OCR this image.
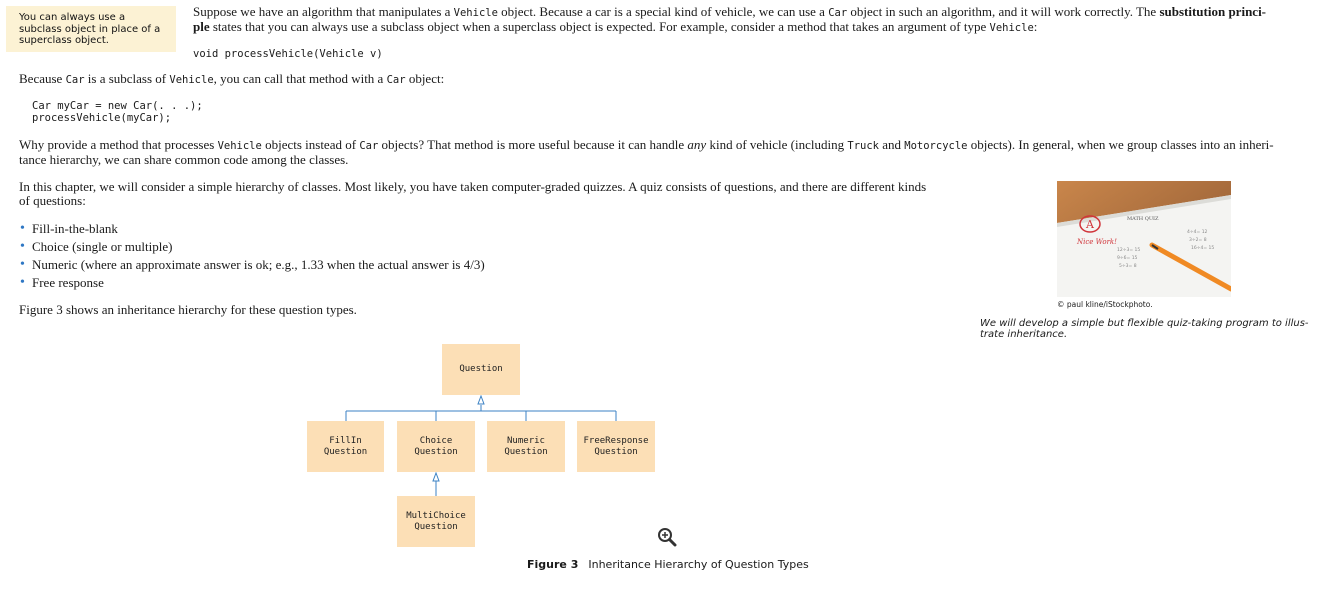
You can always use a subclass object in place of a superclass object.

Suppose we have an algorithm that manipulates a Vehicle object. Because a car is a special kind of vehicle, we can use a Car object in such an algorithm, and it will work correctly. The substitution princi-
ple states that you can always use a subclass object when a superclass object is expected. For example, consider a method that takes an argument of type Vehicle:

void processVehicle(Vehicle v)

Because Car is a subclass of Vehicle, you can call that method with a Car object:

Car myCar = new Car(. . .);
processVehicle(myCar);

Why provide a method that processes Vehicle objects instead of Car objects? That method is more useful because it can handle any kind of vehicle (including Truck and Motorcycle objects). In general, when we group classes into an inheri-
tance hierarchy, we can share common code among the classes.

In this chapter, we will consider a simple hierarchy of classes. Most likely, you have taken computer-graded quizzes. A quiz consists of questions, and there are different kinds
of questions:

• Fill-in-the-blank
• Choice (single or multiple)
• Numeric (where an approximate answer is ok; e.g., 1.33 when the actual answer is 4/3)
• Free response

Figure 3 shows an inheritance hierarchy for these question types.

A
Nice Work!
MATH QUIZ
12÷3= 15
9÷6= 15
5÷3= 8
4÷4= 12
3÷2= 8
16÷4= 15
© paul kline/iStockphoto.
We will develop a simple but flexible quiz-taking program to illus-
trate inheritance.
Question
FillIn
Question
Choice
Question
Numeric
Question
FreeResponse
Question
MultiChoice
Question
Figure 3 Inheritance Hierarchy of Question Types
